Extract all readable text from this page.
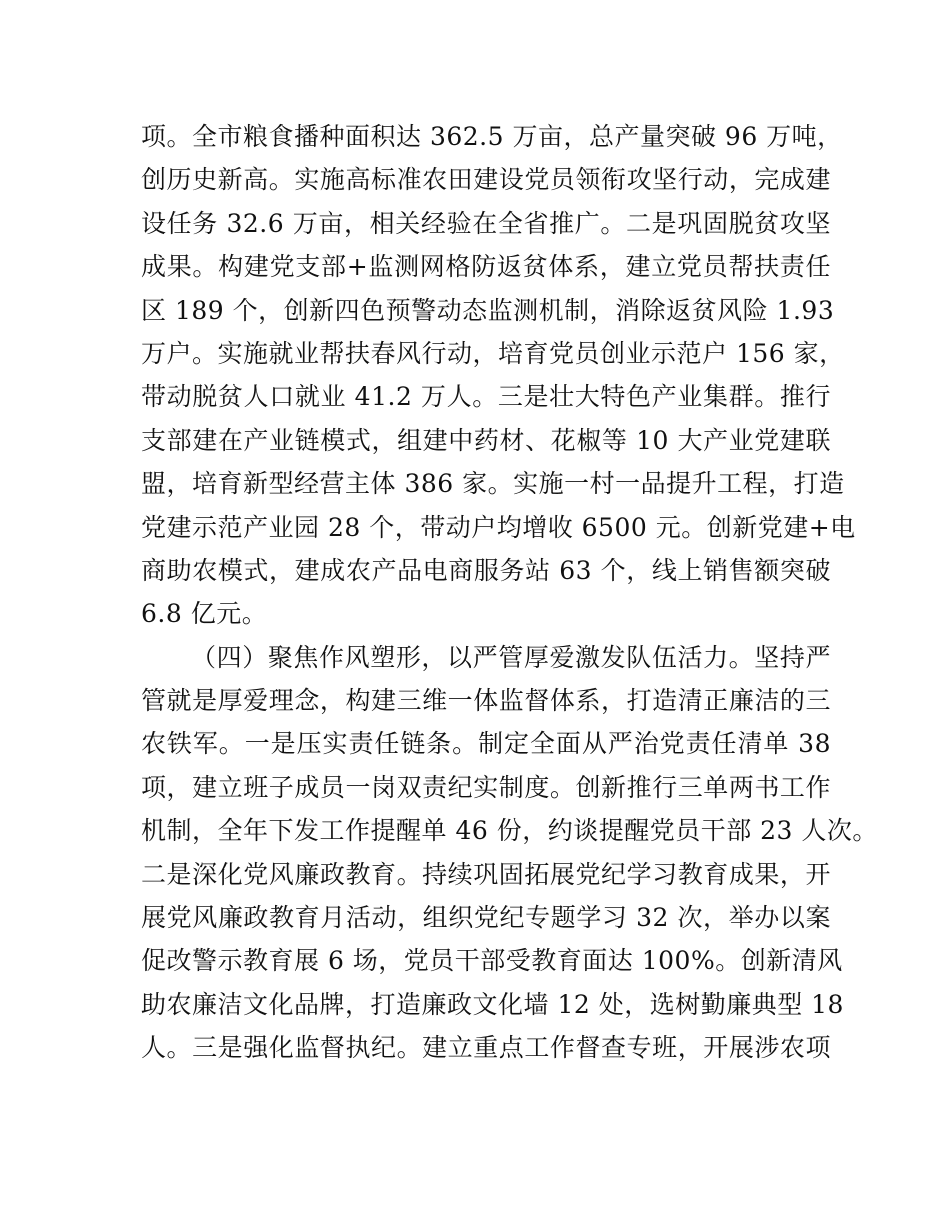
项。全市粮食播种面积达 362.5 万亩，总产量突破 96 万吨，
创历史新高。实施高标准农田建设党员领衔攻坚行动，完成建
设任务 32.6 万亩，相关经验在全省推广。二是巩固脱贫攻坚
成果。构建党支部+监测网格防返贫体系，建立党员帮扶责任
区 189 个，创新四色预警动态监测机制，消除返贫风险 1.93
万户。实施就业帮扶春风行动，培育党员创业示范户 156 家，
带动脱贫人口就业 41.2 万人。三是壮大特色产业集群。推行
支部建在产业链模式，组建中药材、花椒等 10 大产业党建联
盟，培育新型经营主体 386 家。实施一村一品提升工程，打造
党建示范产业园 28 个，带动户均增收 6500 元。创新党建+电
商助农模式，建成农产品电商服务站 63 个，线上销售额突破
6.8 亿元。
（四）聚焦作风塑形，以严管厚爱激发队伍活力。坚持严
管就是厚爱理念，构建三维一体监督体系，打造清正廉洁的三
农铁军。一是压实责任链条。制定全面从严治党责任清单 38
项，建立班子成员一岗双责纪实制度。创新推行三单两书工作
机制，全年下发工作提醒单 46 份，约谈提醒党员干部 23 人次。
二是深化党风廉政教育。持续巩固拓展党纪学习教育成果，开
展党风廉政教育月活动，组织党纪专题学习 32 次，举办以案
促改警示教育展 6 场，党员干部受教育面达 100%。创新清风
助农廉洁文化品牌，打造廉政文化墙 12 处，选树勤廉典型 18
人。三是强化监督执纪。建立重点工作督查专班，开展涉农项
